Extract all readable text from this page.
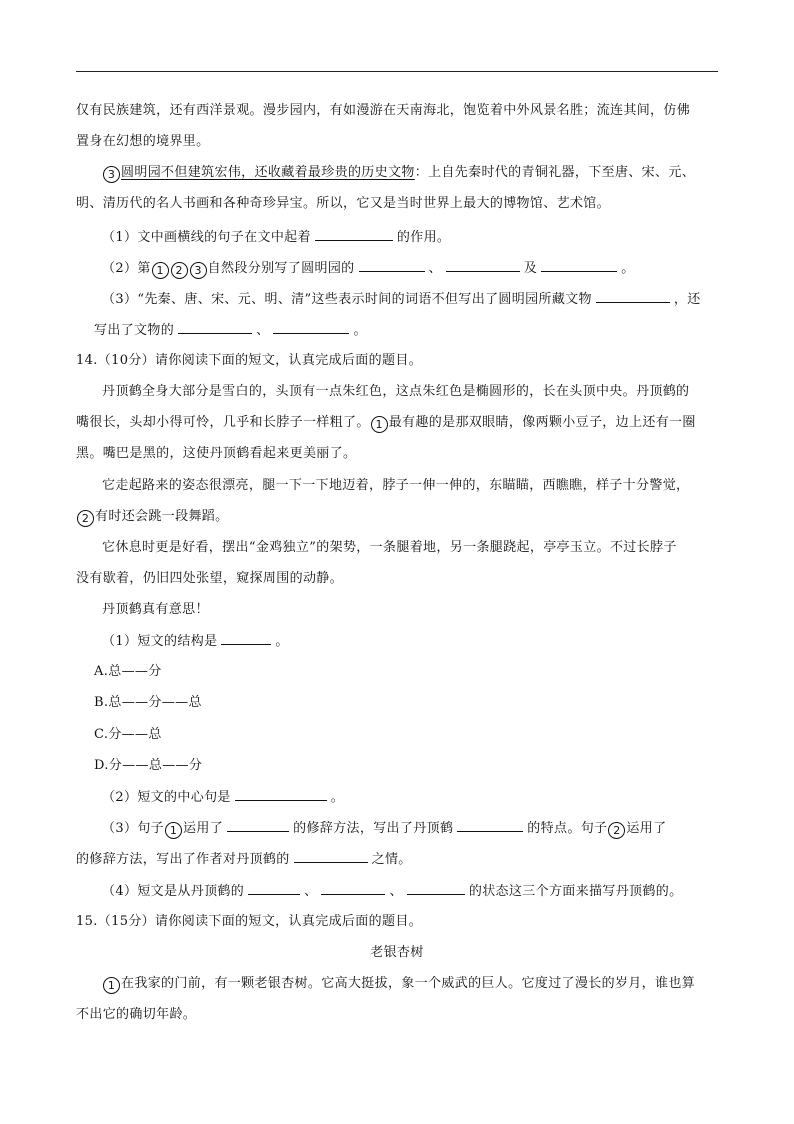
仅有民族建筑，还有西洋景观。漫步园内，有如漫游在天南海北，饱览着中外风景名胜；流连其间，仿佛
置身在幻想的境界里。
3 圆明园不但建筑宏伟，还收藏着最珍贵的历史文物：上自先秦时代的青铜礼器，下至唐、宋、元、
明、清历代的名人书画和各种奇珍异宝。所以，它又是当时世界上最大的博物馆、艺术馆。
（1）文中画横线的句子在文中起着	的作用。
（2）第 1 2 3 自然段分别写了圆明园的	、	及	。
（3）“先秦、唐、宋、元、明、清”这些表示时间的词语不但写出了圆明园所藏文物	，还
写出了文物的	、	。
14.（10分）请你阅读下面的短文，认真完成后面的题目。
丹顶鹤全身大部分是雪白的，头顶有一点朱红色，这点朱红色是椭圆形的，长在头顶中央。丹顶鹤的
嘴很长，头却小得可怜，几乎和长脖子一样粗了。 1 最有趣的是那双眼睛，像两颗小豆子，边上还有一圈
黑。嘴巴是黑的，这使丹顶鹤看起来更美丽了。
它走起路来的姿态很漂亮，腿一下一下地迈着，脖子一伸一伸的，东瞄瞄，西瞧瞧，样子十分警觉，
2 有时还会跳一段舞蹈。
它休息时更是好看，摆出“金鸡独立”的架势，一条腿着地，另一条腿跷起，亭亭玉立。不过长脖子
没有歇着，仍旧四处张望，窥探周围的动静。
丹顶鹤真有意思！
（1）短文的结构是	。
A.总——分
B.总——分——总
C.分——总
D.分——总——分
（2）短文的中心句是	。
（3）句子 1 运用了	的修辞方法，写出了丹顶鹤	的特点。句子 2 运用了
的修辞方法，写出了作者对丹顶鹤的	之情。
（4）短文是从丹顶鹤的	、	、	的状态这三个方面来描写丹顶鹤的。
15.（15分）请你阅读下面的短文，认真完成后面的题目。
老银杏树
1 在我家的门前，有一颗老银杏树。它高大挺拔，象一个威武的巨人。它度过了漫长的岁月，谁也算
不出它的确切年龄。
